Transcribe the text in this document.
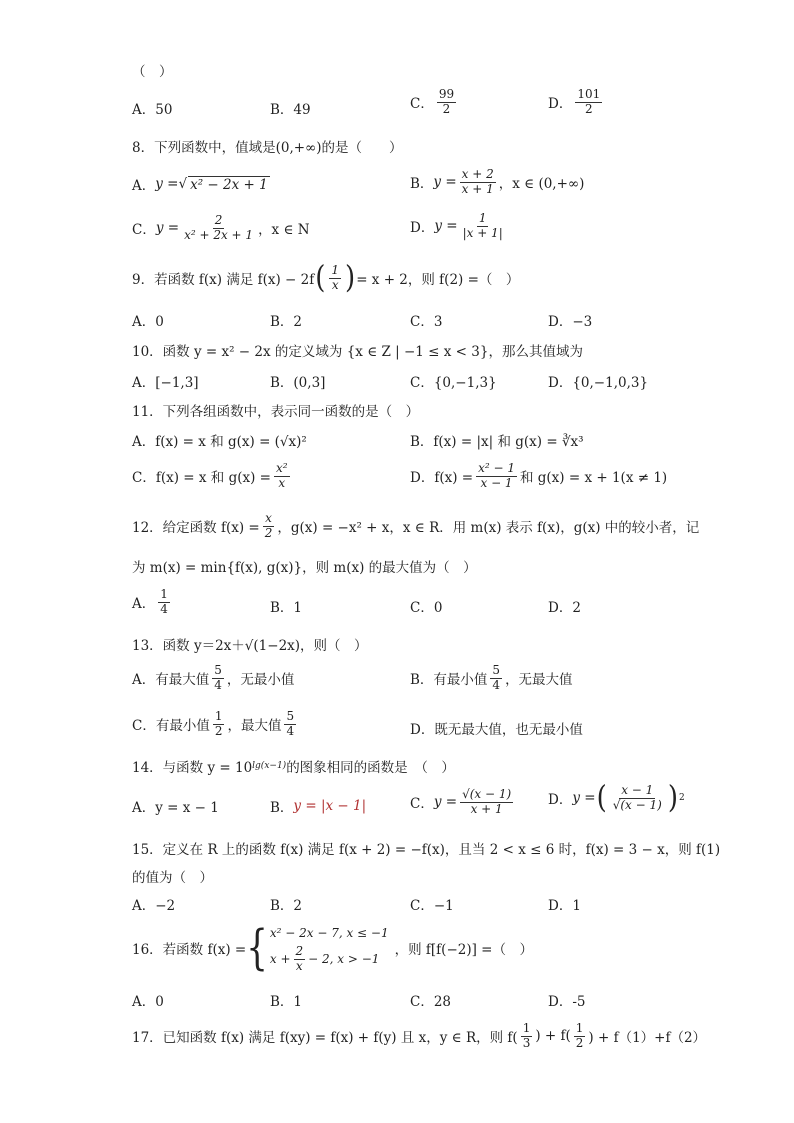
（　）
A．50	B．49	C． $\frac{99}{2}$	D． $\frac{101}{2}$
8．下列函数中，值域是(0,+∞)的是（　　）
A． y = √ x² − 2x + 1	B． $y = \frac{x + 2}{x + 1}$ ，x ∈ (0,+∞)
C． $y = \frac{2}{\text{x² + 2x + 1}}$ ，x ∈ N	D． $y = \frac{1}{|x + 1|}$
9．若函数 f(x) 满足 f(x) − 2f ( $\frac{1}{x}$ ) = x + 2，则 f(2) =（　）
A．0	B．2	C．3	D．−3
10．函数 y = x² − 2x 的定义域为 {x ∈ Z | −1 ≤ x < 3}，那么其值域为
A．[−1,3]	B．(0,3]	C．{0,−1,3}	D．{0,−1,0,3}
11．下列各组函数中，表示同一函数的是（　）
A．f(x) = x 和 g(x) = (√x)²	B．f(x) = |x| 和 g(x) = ∛x³
C．f(x) = x 和 $g(x) = \frac{\text{x²}}{x}$	D．$f(x) = \frac{\text{x² − 1}}{x - 1}$ 和 g(x) = x + 1(x ≠ 1)
12．给定函数 $f(x) = \frac{x}{2}$ ，g(x) = −x² + x，x ∈ R．用 m(x) 表示 f(x)，g(x) 中的较小者，记
为 m(x) = min{f(x), g(x)}，则 m(x) 的最大值为（　）
A． $\frac{1}{4}$	B．1	C．0	D．2
13．函数 y＝2x＋√(1−2x)，则（　）
A．有最大值 $\frac{5}{4}$ ，无最小值	B．有最小值 $\frac{5}{4}$ ，无最大值
C．有最小值 $\frac{1}{2}$ ，最大值 $\frac{5}{4}$	D．既无最大值，也无最小值
14．与函数 y = 10 lg(x−1) 的图象相同的函数是　（　）
A．y = x − 1	B． y = |x − 1|	C． $y = \frac{√(x - 1)}{x + 1}$	D． y = ( $\frac{x - 1}{√(x - 1)}$ ) 2
15．定义在 R 上的函数 f(x) 满足 f(x + 2) = −f(x)，且当 2 < x ≤ 6 时，f(x) = 3 − x，则 f(1)
的值为（　）
A．−2	B．2	C．−1	D．1
16．若函数 f(x) = { x² − 2x − 7, x ≤ −1
$x + \frac{2}{x} - 2$, x > −1
，则 f[f(−2)] =（　）
A．0	B．1	C．28	D．-5
17．已知函数 f(x) 满足 f(xy) = f(x) + f(y) 且 x，y ∈ R，则 $f( \frac{1}{3}$ ) + $f( \frac{1}{2}$ ) + f（1）+f（2）
